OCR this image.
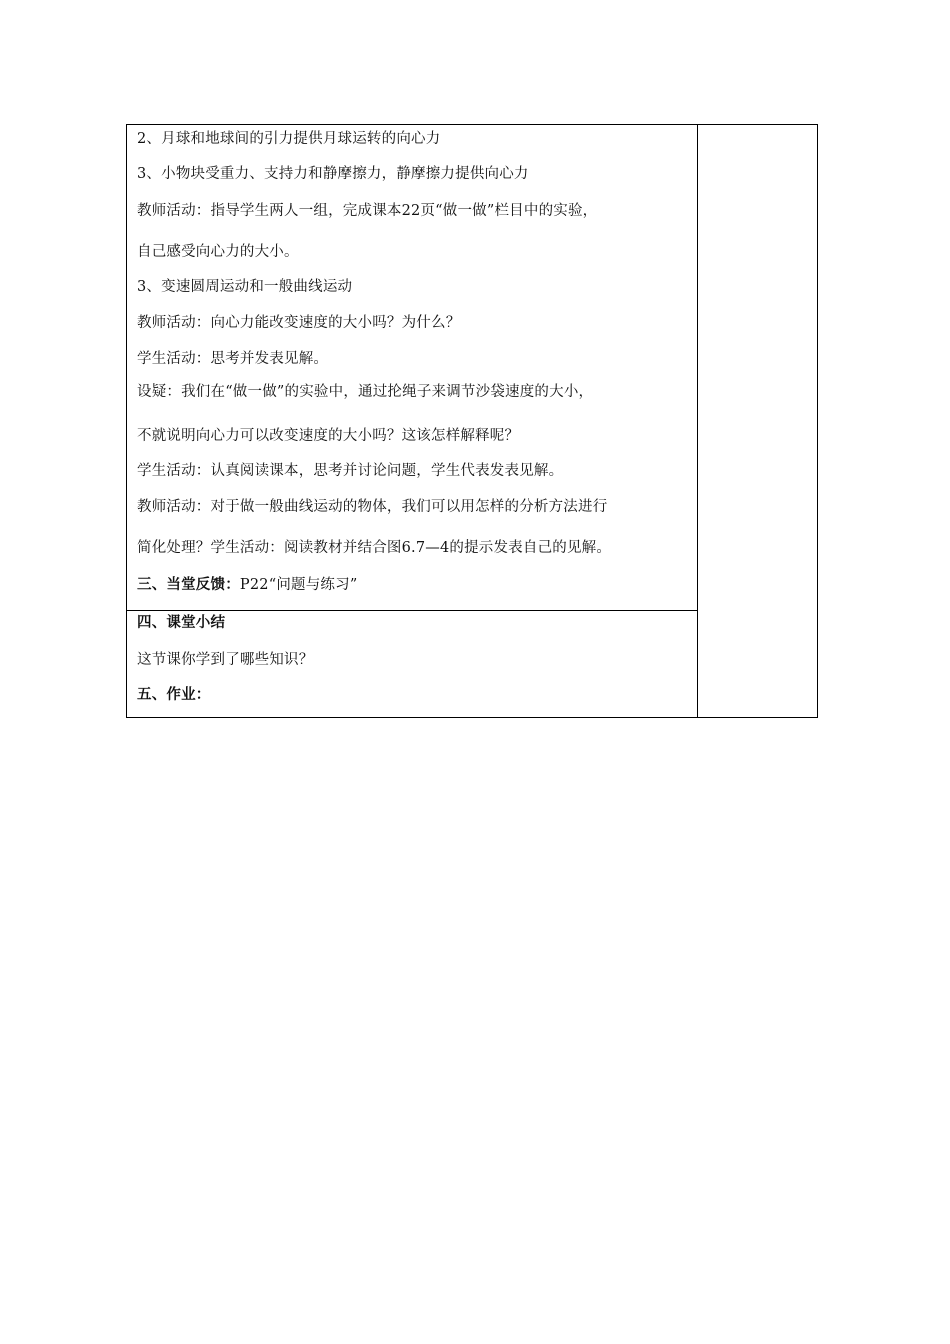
2、月球和地球间的引力提供月球运转的向心力
3、小物块受重力、支持力和静摩擦力，静摩擦力提供向心力
教师活动：指导学生两人一组，完成课本22页“做一做”栏目中的实验，
自己感受向心力的大小。
3、变速圆周运动和一般曲线运动
教师活动：向心力能改变速度的大小吗？为什么？
学生活动：思考并发表见解。
设疑：我们在“做一做”的实验中，通过抡绳子来调节沙袋速度的大小，
不就说明向心力可以改变速度的大小吗？这该怎样解释呢？
学生活动：认真阅读课本，思考并讨论问题，学生代表发表见解。
教师活动：对于做一般曲线运动的物体，我们可以用怎样的分析方法进行
简化处理？学生活动：阅读教材并结合图6.7—4的提示发表自己的见解。
三、当堂反馈：P22“问题与练习”
四、课堂小结
这节课你学到了哪些知识？
五、作业：
